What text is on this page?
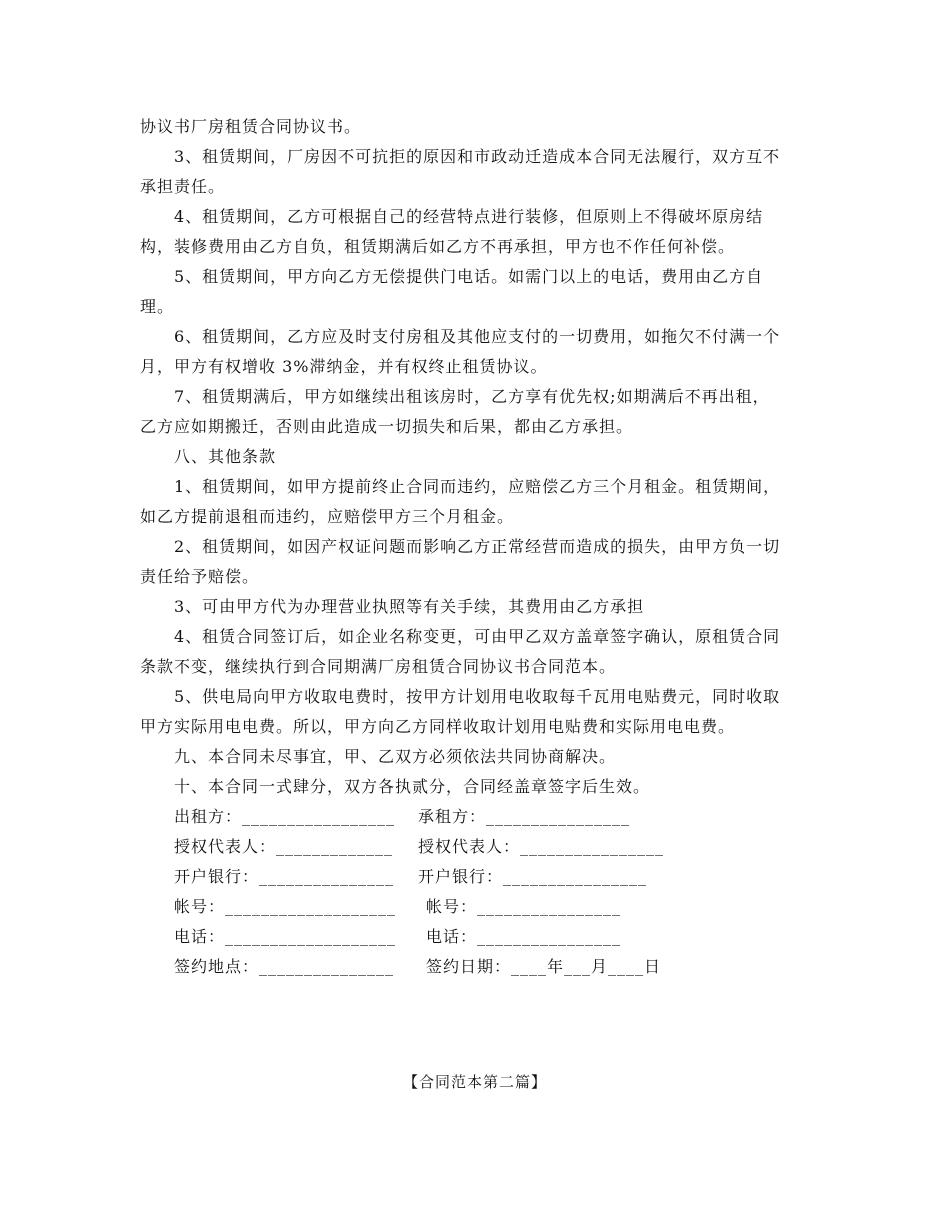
协议书厂房租赁合同协议书。
3、租赁期间，厂房因不可抗拒的原因和市政动迁造成本合同无法履行，双方互不
承担责任。
4、租赁期间，乙方可根据自己的经营特点进行装修，但原则上不得破坏原房结
构，装修费用由乙方自负，租赁期满后如乙方不再承担，甲方也不作任何补偿。
5、租赁期间，甲方向乙方无偿提供门电话。如需门以上的电话，费用由乙方自
理。
6、租赁期间，乙方应及时支付房租及其他应支付的一切费用，如拖欠不付满一个
月，甲方有权增收 3%滞纳金，并有权终止租赁协议。
7、租赁期满后，甲方如继续出租该房时，乙方享有优先权;如期满后不再出租，
乙方应如期搬迁，否则由此造成一切损失和后果，都由乙方承担。
八、其他条款
1、租赁期间，如甲方提前终止合同而违约，应赔偿乙方三个月租金。租赁期间，
如乙方提前退租而违约，应赔偿甲方三个月租金。
2、租赁期间，如因产权证问题而影响乙方正常经营而造成的损失，由甲方负一切
责任给予赔偿。
3、可由甲方代为办理营业执照等有关手续，其费用由乙方承担
4、租赁合同签订后，如企业名称变更，可由甲乙双方盖章签字确认，原租赁合同
条款不变，继续执行到合同期满厂房租赁合同协议书合同范本。
5、供电局向甲方收取电费时，按甲方计划用电收取每千瓦用电贴费元，同时收取
甲方实际用电电费。所以，甲方向乙方同样收取计划用电贴费和实际用电电费。
九、本合同未尽事宜，甲、乙双方必须依法共同协商解决。
十、本合同一式肆分，双方各执贰分，合同经盖章签字后生效。
出租方：_________________ 承租方：________________
授权代表人：_____________ 授权代表人：________________
开户银行：_______________ 开户银行：________________
帐号：___________________ 帐号：________________
电话：___________________ 电话：________________
签约地点：_______________ 签约日期：____年___月____日
【合同范本第二篇】
